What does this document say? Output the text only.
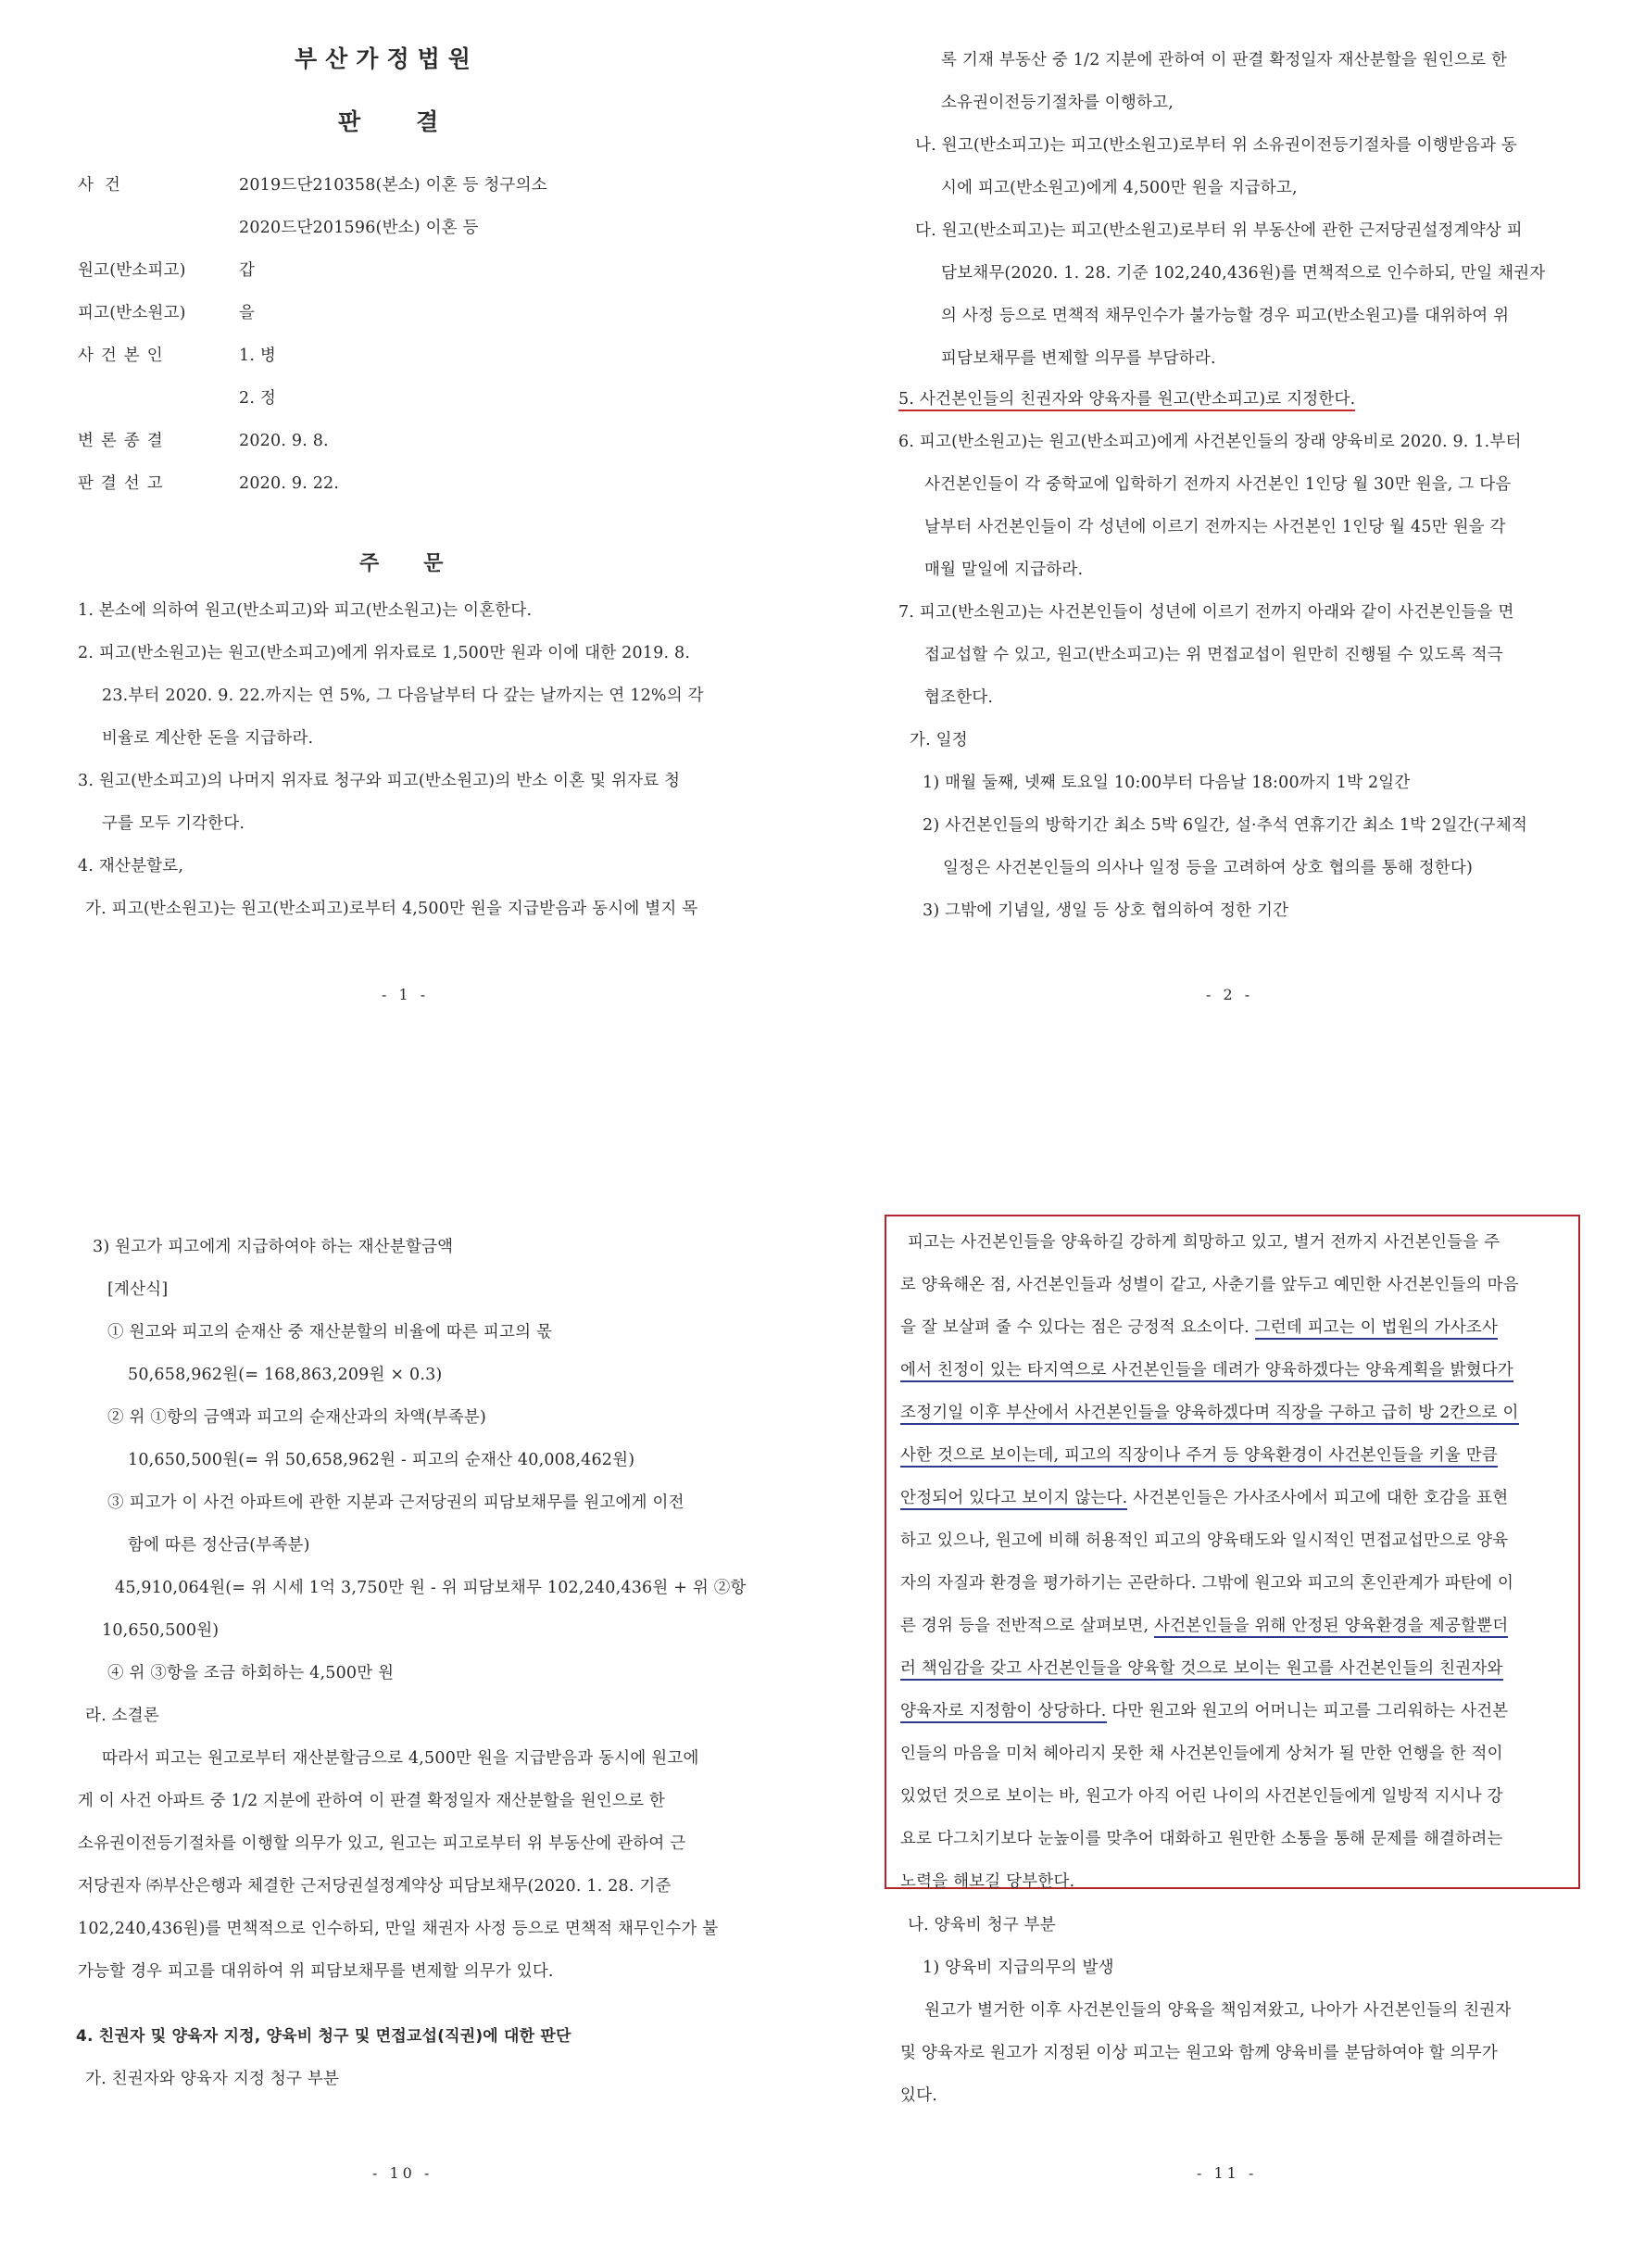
부산가정법원
판결
사건	2019드단210358(본소) 이혼 등 청구의소
2020드단201596(반소) 이혼 등
원고(반소피고)	갑
피고(반소원고)	을
사건본인	1. 병
2. 정
변론종결	2020. 9. 8.
판결선고	2020. 9. 22.
주문
1. 본소에 의하여 원고(반소피고)와 피고(반소원고)는 이혼한다.
2. 피고(반소원고)는 원고(반소피고)에게 위자료로 1,500만 원과 이에 대한 2019. 8.
23.부터 2020. 9. 22.까지는 연 5%, 그 다음날부터 다 갚는 날까지는 연 12%의 각
비율로 계산한 돈을 지급하라.
3. 원고(반소피고)의 나머지 위자료 청구와 피고(반소원고)의 반소 이혼 및 위자료 청
구를 모두 기각한다.
4. 재산분할로,
가. 피고(반소원고)는 원고(반소피고)로부터 4,500만 원을 지급받음과 동시에 별지 목
- 1 -
록 기재 부동산 중 1/2 지분에 관하여 이 판결 확정일자 재산분할을 원인으로 한
소유권이전등기절차를 이행하고,
나. 원고(반소피고)는 피고(반소원고)로부터 위 소유권이전등기절차를 이행받음과 동
시에 피고(반소원고)에게 4,500만 원을 지급하고,
다. 원고(반소피고)는 피고(반소원고)로부터 위 부동산에 관한 근저당권설정계약상 피
담보채무(2020. 1. 28. 기준 102,240,436원)를 면책적으로 인수하되, 만일 채권자
의 사정 등으로 면책적 채무인수가 불가능할 경우 피고(반소원고)를 대위하여 위
피담보채무를 변제할 의무를 부담하라.
5. 사건본인들의 친권자와 양육자를 원고(반소피고)로 지정한다.
6. 피고(반소원고)는 원고(반소피고)에게 사건본인들의 장래 양육비로 2020. 9. 1.부터
사건본인들이 각 중학교에 입학하기 전까지 사건본인 1인당 월 30만 원을, 그 다음
날부터 사건본인들이 각 성년에 이르기 전까지는 사건본인 1인당 월 45만 원을 각
매월 말일에 지급하라.
7. 피고(반소원고)는 사건본인들이 성년에 이르기 전까지 아래와 같이 사건본인들을 면
접교섭할 수 있고, 원고(반소피고)는 위 면접교섭이 원만히 진행될 수 있도록 적극
협조한다.
가. 일정
1) 매월 둘째, 넷째 토요일 10:00부터 다음날 18:00까지 1박 2일간
2) 사건본인들의 방학기간 최소 5박 6일간, 설·추석 연휴기간 최소 1박 2일간(구체적
일정은 사건본인들의 의사나 일정 등을 고려하여 상호 협의를 통해 정한다)
3) 그밖에 기념일, 생일 등 상호 협의하여 정한 기간
- 2 -
3) 원고가 피고에게 지급하여야 하는 재산분할금액
[계산식]
① 원고와 피고의 순재산 중 재산분할의 비율에 따른 피고의 몫
50,658,962원(= 168,863,209원 × 0.3)
② 위 ①항의 금액과 피고의 순재산과의 차액(부족분)
10,650,500원(= 위 50,658,962원 - 피고의 순재산 40,008,462원)
③ 피고가 이 사건 아파트에 관한 지분과 근저당권의 피담보채무를 원고에게 이전
함에 따른 정산금(부족분)
45,910,064원(= 위 시세 1억 3,750만 원 - 위 피담보채무 102,240,436원 + 위 ②항
10,650,500원)
④ 위 ③항을 조금 하회하는 4,500만 원
라. 소결론
따라서 피고는 원고로부터 재산분할금으로 4,500만 원을 지급받음과 동시에 원고에
게 이 사건 아파트 중 1/2 지분에 관하여 이 판결 확정일자 재산분할을 원인으로 한
소유권이전등기절차를 이행할 의무가 있고, 원고는 피고로부터 위 부동산에 관하여 근
저당권자 ㈜부산은행과 체결한 근저당권설정계약상 피담보채무(2020. 1. 28. 기준
102,240,436원)를 면책적으로 인수하되, 만일 채권자 사정 등으로 면책적 채무인수가 불
가능할 경우 피고를 대위하여 위 피담보채무를 변제할 의무가 있다.
4. 친권자 및 양육자 지정, 양육비 청구 및 면접교섭(직권)에 대한 판단
가. 친권자와 양육자 지정 청구 부분
- 10 -
피고는 사건본인들을 양육하길 강하게 희망하고 있고, 별거 전까지 사건본인들을 주
로 양육해온 점, 사건본인들과 성별이 같고, 사춘기를 앞두고 예민한 사건본인들의 마음
을 잘 보살펴 줄 수 있다는 점은 긍정적 요소이다. 그런데 피고는 이 법원의 가사조사
에서 친정이 있는 타지역으로 사건본인들을 데려가 양육하겠다는 양육계획을 밝혔다가
조정기일 이후 부산에서 사건본인들을 양육하겠다며 직장을 구하고 급히 방 2칸으로 이
사한 것으로 보이는데, 피고의 직장이나 주거 등 양육환경이 사건본인들을 키울 만큼
안정되어 있다고 보이지 않는다. 사건본인들은 가사조사에서 피고에 대한 호감을 표현
하고 있으나, 원고에 비해 허용적인 피고의 양육태도와 일시적인 면접교섭만으로 양육
자의 자질과 환경을 평가하기는 곤란하다. 그밖에 원고와 피고의 혼인관계가 파탄에 이
른 경위 등을 전반적으로 살펴보면, 사건본인들을 위해 안정된 양육환경을 제공할뿐더
러 책임감을 갖고 사건본인들을 양육할 것으로 보이는 원고를 사건본인들의 친권자와
양육자로 지정함이 상당하다. 다만 원고와 원고의 어머니는 피고를 그리워하는 사건본
인들의 마음을 미처 헤아리지 못한 채 사건본인들에게 상처가 될 만한 언행을 한 적이
있었던 것으로 보이는 바, 원고가 아직 어린 나이의 사건본인들에게 일방적 지시나 강
요로 다그치기보다 눈높이를 맞추어 대화하고 원만한 소통을 통해 문제를 해결하려는
노력을 해보길 당부한다.
나. 양육비 청구 부분
1) 양육비 지급의무의 발생
원고가 별거한 이후 사건본인들의 양육을 책임져왔고, 나아가 사건본인들의 친권자
및 양육자로 원고가 지정된 이상 피고는 원고와 함께 양육비를 분담하여야 할 의무가
있다.
- 11 -
